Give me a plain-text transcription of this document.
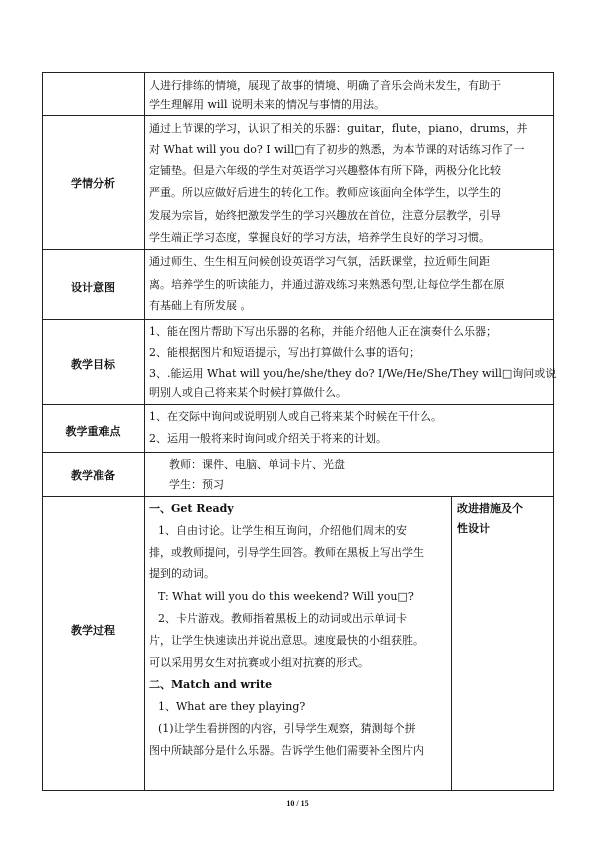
人进行排练的情境，展现了故事的情境、明确了音乐会尚未发生，有助于
学生理解用 will 说明未来的情况与事情的用法。
学情分析
通过上节课的学习，认识了相关的乐器：guitar，flute，piano，drums，并
对 What will you do? I will□有了初步的熟悉，为本节课的对话练习作了一
定铺垫。但是六年级的学生对英语学习兴趣整体有所下降，两极分化比较
严重。所以应做好后进生的转化工作。教师应该面向全体学生，以学生的
发展为宗旨，始终把激发学生的学习兴趣放在首位，注意分层教学，引导
学生端正学习态度，掌握良好的学习方法，培养学生良好的学习习惯。
设计意图
通过师生、生生相互问候创设英语学习气氛，活跃课堂，拉近师生间距
离。培养学生的听读能力，并通过游戏练习来熟悉句型,让每位学生都在原
有基础上有所发展 。
教学目标
1、能在图片帮助下写出乐器的名称，并能介绍他人正在演奏什么乐器；
2、能根据图片和短语提示，写出打算做什么事的语句；
3、.能运用 What will you/he/she/they do? I/We/He/She/They will□询问或说
明别人或自己将来某个时候打算做什么。
教学重难点
1、在交际中询问或说明别人或自己将来某个时候在干什么。
2、运用一般将来时询问或介绍关于将来的计划。
教学准备
教师：课件、电脑、单词卡片、光盘
学生：预习
教学过程
改进措施及个
性设计
一、Get Ready
1、自由讨论。让学生相互询问，介绍他们周末的安
排，或教师提问，引导学生回答。教师在黑板上写出学生
提到的动词。
T: What will you do this weekend? Will you□?
2、卡片游戏。教师指着黑板上的动词或出示单词卡
片，让学生快速读出并说出意思。速度最快的小组获胜。
可以采用男女生对抗赛或小组对抗赛的形式。
二、Match and write
1、What are they playing?
(1)让学生看拼图的内容，引导学生观察，猜测每个拼
图中所缺部分是什么乐器。告诉学生他们需要补全图片内
10 / 15
